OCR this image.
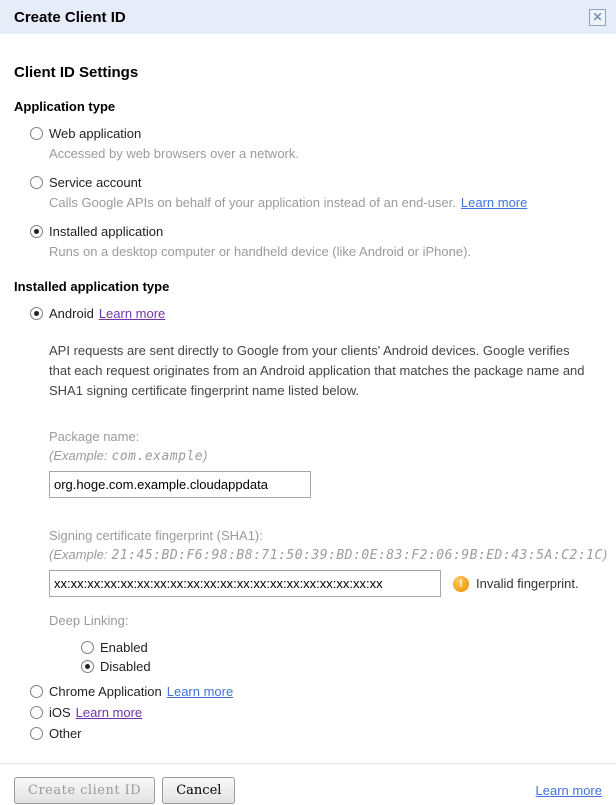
Create Client ID	✕
Client ID Settings
Application type
Web application
Accessed by web browsers over a network.
Service account
Calls Google APIs on behalf of your application instead of an end-user. Learn more
Installed application
Runs on a desktop computer or handheld device (like Android or iPhone).
Installed application type
Android Learn more
API requests are sent directly to Google from your clients' Android devices. Google verifies that each request originates from an Android application that matches the package name and SHA1 signing certificate fingerprint name listed below.
Package name:
(Example: com.example)
org.hoge.com.example.cloudappdata
Signing certificate fingerprint (SHA1):
(Example: 21:45:BD:F6:98:B8:71:50:39:BD:0E:83:F2:06:9B:ED:43:5A:C2:1C)
xx:xx:xx:xx:xx:xx:xx:xx:xx:xx:xx:xx:xx:xx:xx:xx:xx:xx:xx:xx
!	Invalid fingerprint.
Deep Linking:
Enabled
Disabled
Chrome Application Learn more
iOS Learn more
Other
Create client ID	Cancel	Learn more
